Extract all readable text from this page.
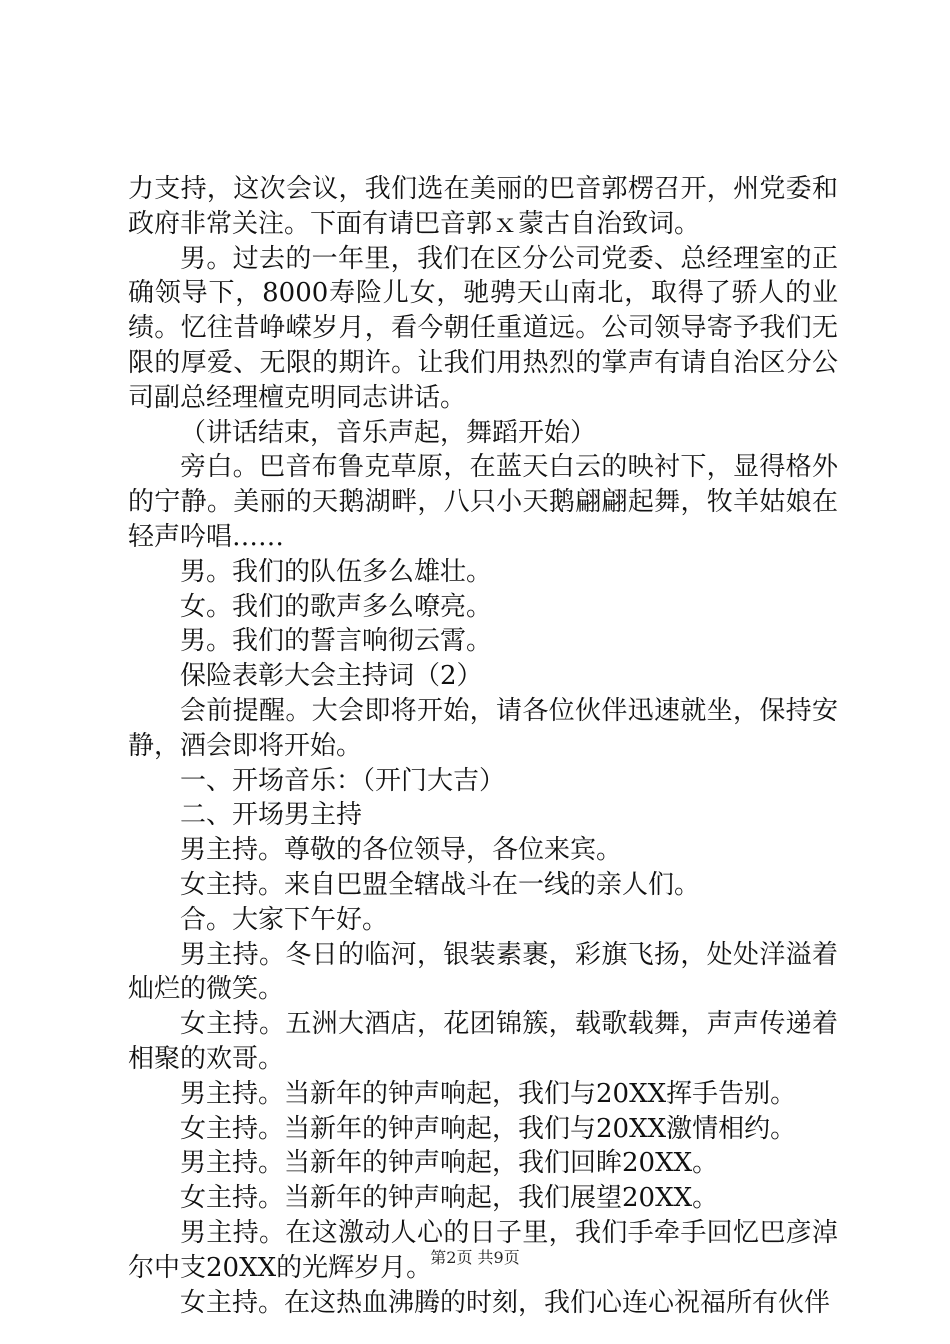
力支持，这次会议，我们选在美丽的巴音郭楞召开，州党委和政府非常关注。下面有请巴音郭ｘ蒙古自治致词。

男。过去的一年里，我们在区分公司党委、总经理室的正确领导下，8000寿险儿女，驰骋天山南北，取得了骄人的业绩。忆往昔峥嵘岁月，看今朝任重道远。公司领导寄予我们无限的厚爱、无限的期许。让我们用热烈的掌声有请自治区分公司副总经理檀克明同志讲话。

（讲话结束，音乐声起，舞蹈开始）

旁白。巴音布鲁克草原，在蓝天白云的映衬下，显得格外的宁静。美丽的天鹅湖畔，八只小天鹅翩翩起舞，牧羊姑娘在轻声吟唱……

男。我们的队伍多么雄壮。

女。我们的歌声多么嘹亮。

男。我们的誓言响彻云霄。

保险表彰大会主持词（2）

会前提醒。大会即将开始，请各位伙伴迅速就坐，保持安静，酒会即将开始。

一、开场音乐：（开门大吉）

二、开场男主持

男主持。尊敬的各位领导，各位来宾。

女主持。来自巴盟全辖战斗在一线的亲人们。

合。大家下午好。

男主持。冬日的临河，银装素裹，彩旗飞扬，处处洋溢着灿烂的微笑。

女主持。五洲大酒店，花团锦簇，载歌载舞，声声传递着相聚的欢哥。

男主持。当新年的钟声响起，我们与20XX挥手告别。

女主持。当新年的钟声响起，我们与20XX激情相约。

男主持。当新年的钟声响起，我们回眸20XX。

女主持。当新年的钟声响起，我们展望20XX。

男主持。在这激动人心的日子里，我们手牵手回忆巴彦淖尔中支20XX的光辉岁月。

女主持。在这热血沸腾的时刻，我们心连心祝福所有伙伴

第2页 共9页
